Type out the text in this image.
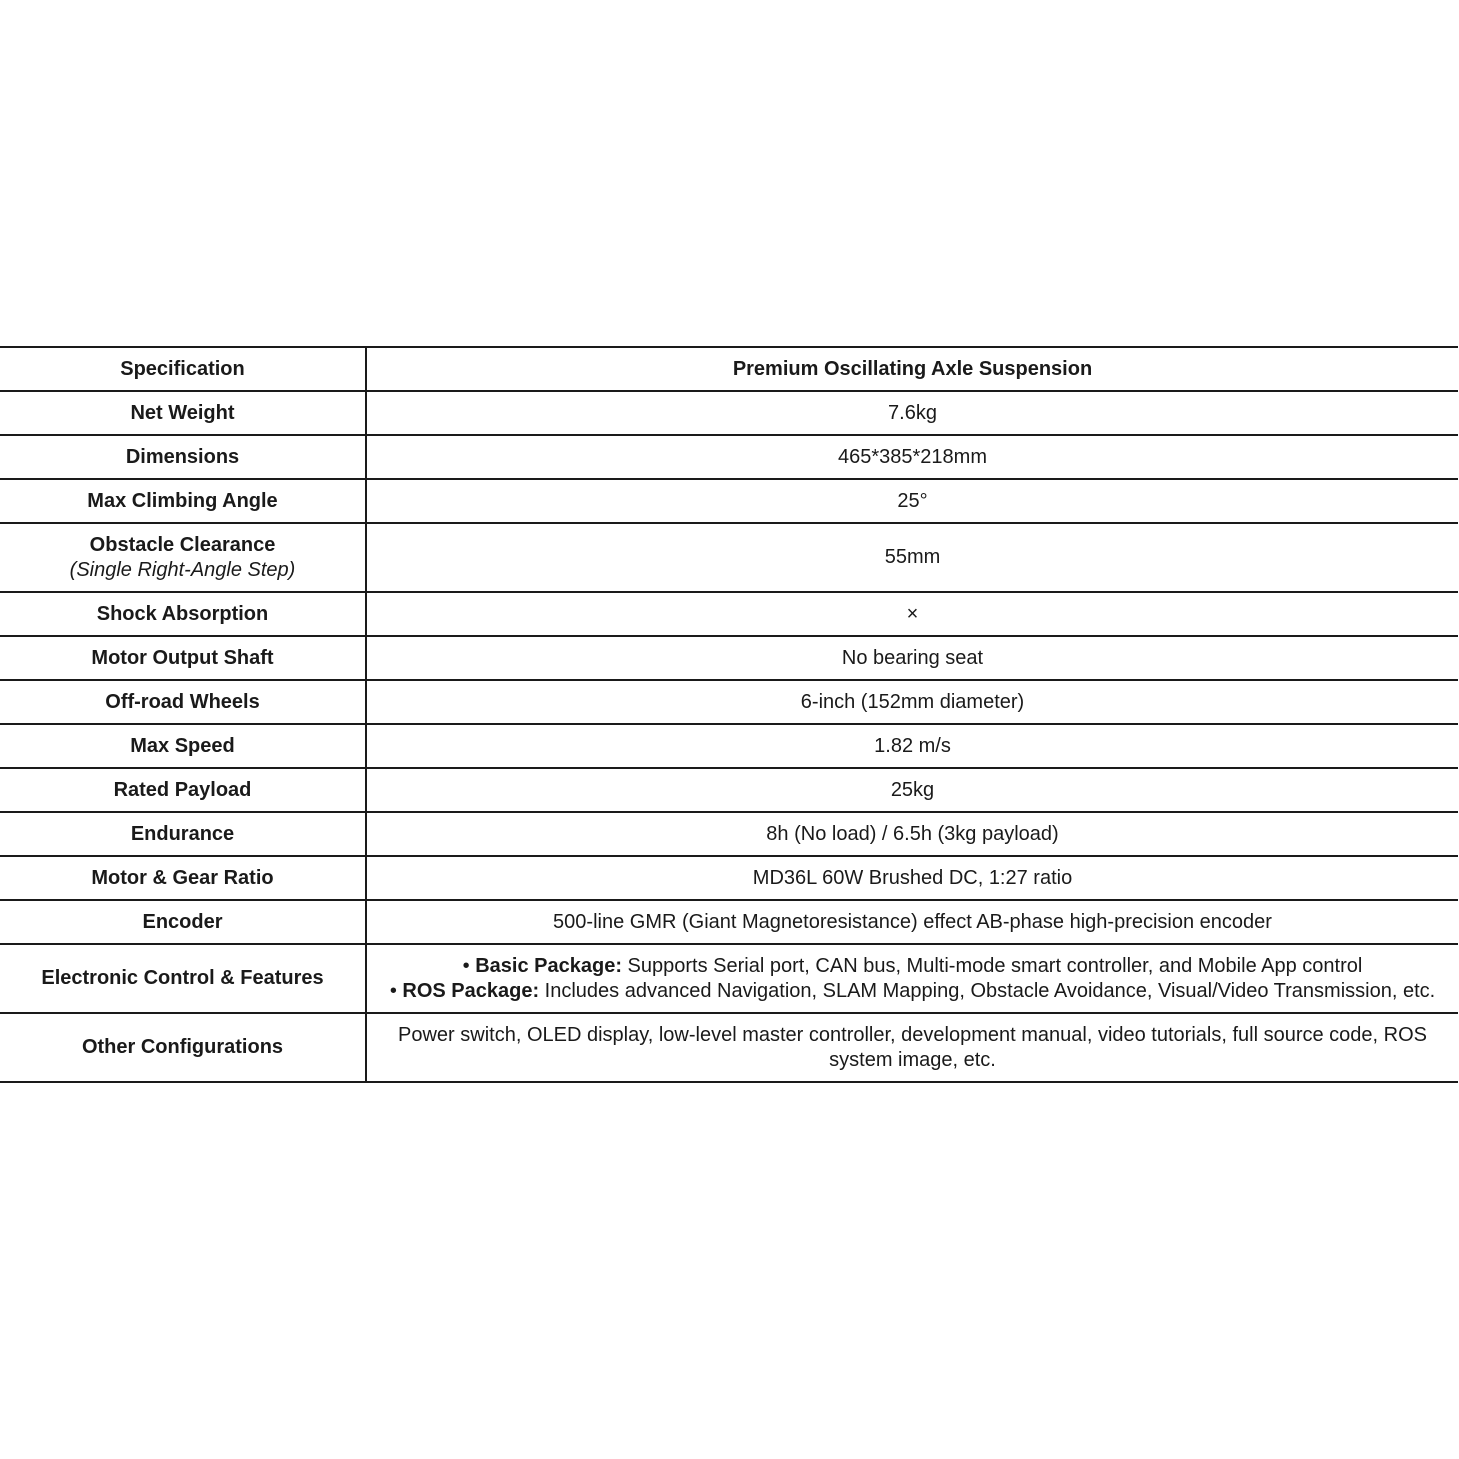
Specification	Premium Oscillating Axle Suspension
Net Weight	7.6kg
Dimensions	465*385*218mm
Max Climbing Angle	25°

Obstacle Clearance
(Single Right-Angle Step)	55mm
Shock Absorption	×
Motor Output Shaft	No bearing seat
Off-road Wheels	6-inch (152mm diameter)
Max Speed	1.82 m/s
Rated Payload	25kg
Endurance	8h (No load) / 6.5h (3kg payload)
Motor & Gear Ratio	MD36L 60W Brushed DC, 1:27 ratio
Encoder	500-line GMR (Giant Magnetoresistance) effect AB-phase high-precision encoder
Electronic Control & Features	• Basic Package: Supports Serial port, CAN bus, Multi-mode smart controller, and Mobile App control
• ROS Package: Includes advanced Navigation, SLAM Mapping, Obstacle Avoidance, Visual/Video Transmission, etc.

Other Configurations	Power switch, OLED display, low-level master controller, development manual, video tutorials, full source code, ROS system image, etc.
